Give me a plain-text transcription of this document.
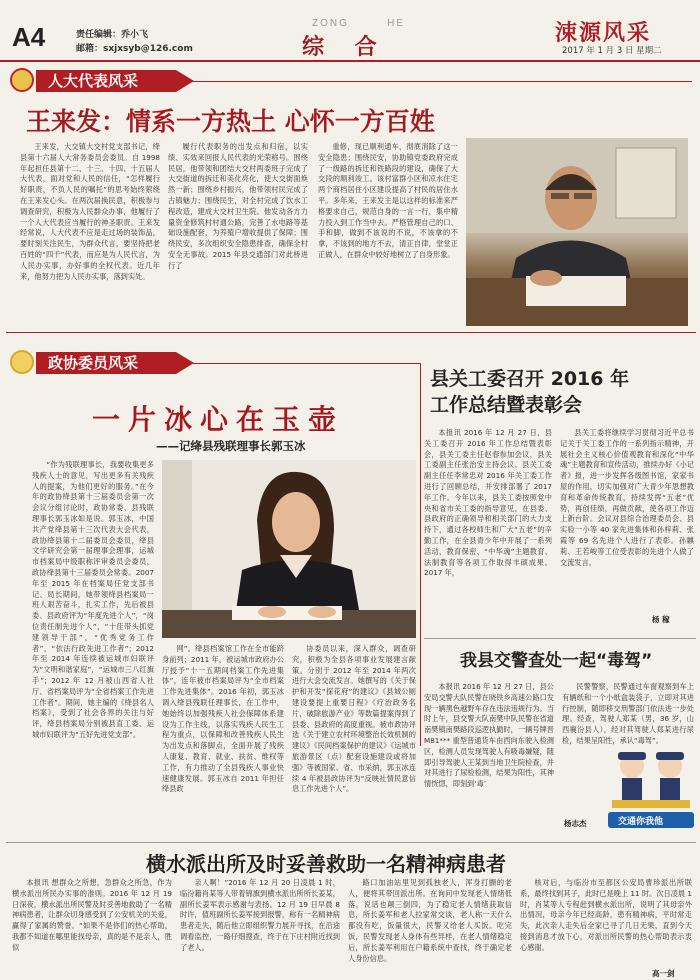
A4	责任编辑：乔小飞
邮箱：sxjxsyb@126.com
ZONG        HE
综    合
涑源风采
2017 年 1 月 3 日 星期二
人大代表风采
王来发：情系一方热土 心怀一方百姓

王来发，大交镇大交村党支部书记，绛县第十六届人大常务委员会委员。自 1998 年起担任县第十二、十三、十四、十五届人大代表，面对党和人民的信任，“怎样履行好职责，不负人民的嘱托”的思考始终萦绕在王来发心头。在两次届换民意，积极参与调查研究，积极为人民群众办事，他履行了一个人大代表应当履行的神圣职责。王来发经常说，人大代表不应是走过场的装饰品，要时刻关注民生，为群众代言，要坚持把老百姓的“四千”代表，而应是为人民代言，为人民办实事，办好事的全权代表。近几年来，他努力把为人民办实事，落到实处。

履行代表职务的出发点和归宿，以实绩、实效来回报人民代表的光荣称号。围绕民居，他带领和团结大交村两委班子完成了大交街道的拆迁和美化亮化，使大交街面焕然一新；围绕乡村振兴，他带领村民完成了古镇魅力；围绕民生，对全村完成了饮水工程改造，建成大交村卫生院。他发动各方力量资金修筑村村通公路，完善了水电路等基础设施配套，为养殖户增收提供了保障；围绕民安，多次组织安全隐患排查，确保全村安全无事故。2015 年县交通部门对此桥进行了

重修，现已顺利通车，彻底消除了这一安全隐患；围绕民安，协助镇党委政府完成了一级路的拆迁和铁路段的建设，确保了大交段的顺利竣工。该村富群小区和凉水住宅两个商档居住小区建设提高了村民的居住水平。多年来，王来发主是以这样的标准来严格要求自己，规范自身的一言一行，集中精力投入到工作当中去。严格管理自己的口、手和脚，做到不该说的不说，不该拿的不拿，不该到的地方不去，清正自律，堂堂正正做人，在群众中较好地树立了自身形象。

政协委员风采
一片冰心在玉壶
——记绛县残联理事长郭玉冰

“作为残联理事长，我要收集更多残疾人士的意见，写出更多有关残疾人的提案，为他们更好的服务。”在今年的政协绛县第十三届委员会第一次会议分组讨论时，政协常委、县残联理事长郭玉冰如是说。郭玉冰，中国共产党绛县第十三次代表大会代表，政协绛县第十二届委员会委员，绛县文学研究会第一届理事会理事，运城市档案局中级职称评审委员会委员，政协绛县第十三届委员会常委。2007 年至 2015 年在档案局任党支部书记、局长期间，她带领绛县档案局一班人艰苦奋斗，扎实工作，先后被县委、县政府评为“年度先进个人”，“岗位责任制先进个人”，“十佳带头抓党建领导干部”，“优秀党务工作者”，“依法行政先进工作者”；2012 年至 2014 年连续被运城市妇联评为“文明和谐家庭”，“运城市三八红旗手”；2012 年 12 月被山西省人社厅、省档案局评为“全省档案工作先进工作者”。期间，她主编的《绛县名人档案》，受到了社会各界的关注与好评，绛县档案局分别被县直工委、运城市妇联评为“五好先进党支部”。

网”。绛县档案馆工作在全市能跻身前列；2011 年，被运城市政府办公厅授予“十一五期间档案工作先进集体”，连年被市档案局评为“全市档案工作先进集体”。2016 年初，郭玉冰调入绛县残联任理事长，在工作中，她始终以加强残疾人社会保障体系建设为工作主线，以落实残疾人民生工程为重点，以保障和改善残疾人民生为出发点和落脚点，全面开展了残疾人康复、教育、就业、扶贫、维权等工作，有力推动了全县残疾人事业快速健康发展。郭玉冰自 2011 年担任绛县政

协委员以来，深入群众，调查研究，积极为全县各项事业发展建言献策。分别于 2012 年至 2014 年两次进行大会交流发言。她撰写的《关于保护和开发“探花府”的建议》《县城公厕建设要提上重要日程》《疗治政务名片，破除旅游产业》等数篇提案得到了县委、县政府的高度重视。被市政协评选《关于建立农村环境整治长效机制的建议》《民间档案保护的建议》《运城市旅游景区（点）配套设施建设或将加强》等被国家、省、市采纳，郭玉冰连续 4 年被县政协评为“反映社情民意信息工作先进个人”。

县关工委召开 2016 年
工作总结暨表彰会

本报讯 2016 年 12 月 27 日，县关工委召开 2016 年工作总结暨表彰会，县关工委主任赵春参加会议，县关工委副主任张治安主持会议。县关工委副主任任李常忠对 2016 年关工委工作进行了回顾总结，并安排部署了 2017 年工作。今年以来，县关工委按照党中央和省市关工委的指导意见，在县委、县政府的正确领导和相关部门的大力支持下，通过各校师生和广大“五老”的辛勤工作，在全县青少年中开展了一系列活动，教育保密、“中华魂”主题教育、法制教育等各项工作取得丰硕成果。2017 年，

县关工委将继续学习贯彻习近平总书记关于关工委工作的一系列指示精神，开展社会主义核心价值观教育和深化“中华魂”主题教育和宣传活动，推续办好《小记者》报，进一步发挥各级图书馆，家家书屋的作用，切实加强对广大青少年思想教育和革命传统教育，持续发挥“五老”优势，再创佳绩，再做贡献，使各项工作迈上新台阶。会议对县综合治理委员会、县实验一小等 40 家先进集体和孙梓莉、张霞等 69 名先进个人进行了表彰。孙麒莉、王若峻等工位受表彰的先进个人做了交流发言。

杨 稼
我县交警查处一起“毒驾”

本报讯 2016 年 12 月 27 日，县公安局交警大队民警在晓铁乡高速公路口发现一辆黑色越野车存在违法违规行为。当时上午，县交警大队南樊中队民警在省道南樊镇南樊路段巡逻执勤时，一辆号牌晋 M81*** 重型普通货车由西向东驶入检测区，检测人员发现驾驶人有吸毒嫌疑，随即引导驾驶人王某到当地卫生院检查，并对其进行了尿检检测，结果为阳性，其神情恍惚，即刻到‘毒’

民警警察，民警通过车窗观察到车上有辆纸和一个小纸盒装袋子，立即对其进行控制，随即移交刑警部门依法进一步处理。经查，驾驶人郑某（男，36 岁，山西襄汾县人），经对其驾驶人郑某进行尿检，结果呈阳性，承认“毒驾”。

杨志杰	交通你我他
横水派出所及时妥善救助一名精神病患者

本报讯 想群众之所想，急群众之所急，作为横水派出所民办实事的准则。2016 年 12 月 19 日深夜，横水派出所民警及时妥善地救助了一名精神病患者，让群众切身感受到了公安机关的关爱，赢得了家属的赞誉。“如果不是你们的热心帮助，我都不知道在哪里能找母亲，真的是不是亲人，胜似

亲人啊！”2016 年 12 月 20 日凌晨 1 时，临汾籍肖某等人带着锦旗到横水派出所所长姜某，副所长姜军表示感谢与表扬。12 月 19 日早晨 8 时许，值班副所长姜军接到报警，称有一名精神病患者走失，随后他立即组织警力展开寻找，在沿途调看监控，一路仔细搜查，终于在下庄村附近找到了老人。

路口加油站里见到孤独老人，浑身打颤的老人，便将其带回派出所。在询问中发现老人情绪低落，说话也颠三倒四，为了稳定老人情绪获取信息，所长姜军和老人拉家常交谈，老人称一天什么都没有吃，饭量很大，民警又给老人买饭。吃完饭，民警发现老人身体有些异样，在老人情绪稳定后，所长姜军利用在户籍系统中查找，终于确定老人身份信息。

核对后，与临汾市至都区公安局曹珍派出所联系，最终找到其子，此时已是晚上 11 时。次日凌晨 1 时，肖某等人专程赶到横水派出所，说明了其母亲外出情况，母亲今年已经高龄，患有精神病，平时常走失，此次亲人走失后全家已寻了几日无果，直到今天接到消息才放下心，对派出所民警的热心帮助表示衷心感谢。

高一剑
